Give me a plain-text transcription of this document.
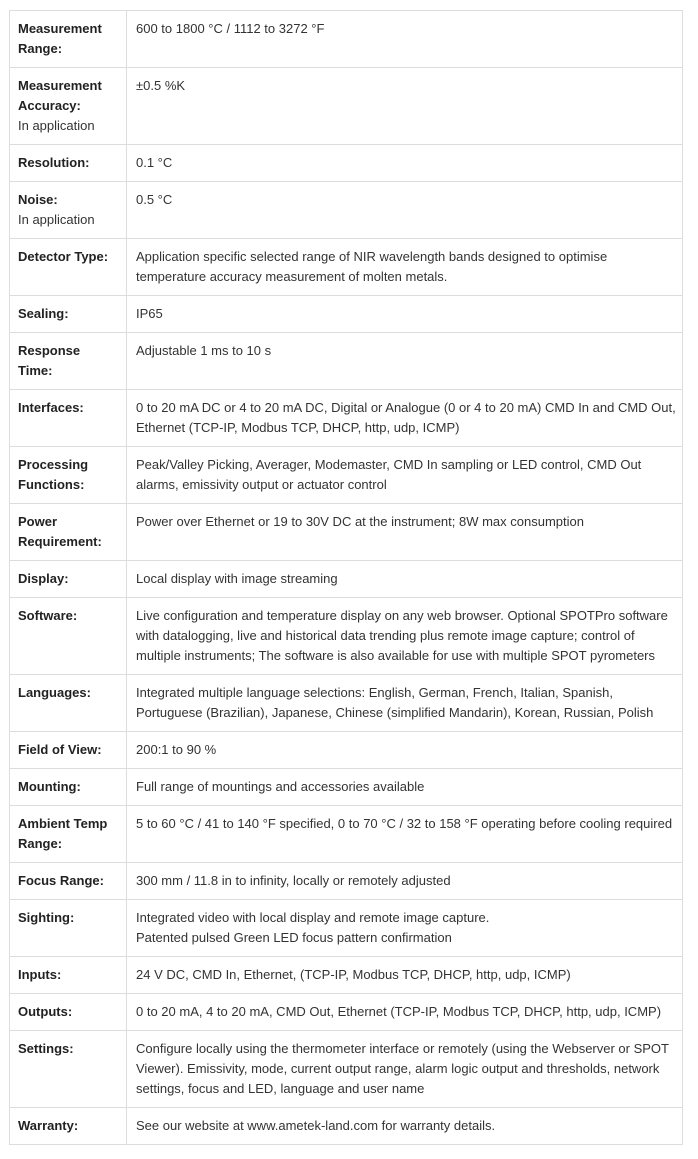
Measurement Range:	600 to 1800 °C / 1112 to 3272 °F

Measurement Accuracy:
In application	±0.5 %K

Resolution:	0.1 °C

Noise:
In application	0.5 °C

Detector Type:	Application specific selected range of NIR wavelength bands designed to optimise temperature accuracy measurement of molten metals.

Sealing:	IP65

Response Time:	Adjustable 1 ms to 10 s

Interfaces:	0 to 20 mA DC or 4 to 20 mA DC, Digital or Analogue (0 or 4 to 20 mA) CMD In and CMD Out, Ethernet (TCP-IP, Modbus TCP, DHCP, http, udp, ICMP)

Processing Functions:	Peak/Valley Picking, Averager, Modemaster, CMD In sampling or LED control, CMD Out alarms, emissivity output or actuator control

Power Requirement:	Power over Ethernet or 19 to 30V DC at the instrument; 8W max consumption

Display:	Local display with image streaming

Software:	Live configuration and temperature display on any web browser. Optional SPOTPro software with datalogging, live and historical data trending plus remote image capture; control of multiple instruments; The software is also available for use with multiple SPOT pyrometers

Languages:	Integrated multiple language selections: English, German, French, Italian, Spanish, Portuguese (Brazilian), Japanese, Chinese (simplified Mandarin), Korean, Russian, Polish

Field of View:	200:1 to 90 %

Mounting:	Full range of mountings and accessories available

Ambient Temp Range:	5 to 60 °C / 41 to 140 °F specified, 0 to 70 °C / 32 to 158 °F operating before cooling required

Focus Range:	300 mm / 11.8 in to infinity, locally or remotely adjusted

Sighting:	Integrated video with local display and remote image capture.
Patented pulsed Green LED focus pattern confirmation

Inputs:	24 V DC, CMD In, Ethernet, (TCP-IP, Modbus TCP, DHCP, http, udp, ICMP)

Outputs:	0 to 20 mA, 4 to 20 mA, CMD Out, Ethernet (TCP-IP, Modbus TCP, DHCP, http, udp, ICMP)

Settings:	Configure locally using the thermometer interface or remotely (using the Webserver or SPOT Viewer). Emissivity, mode, current output range, alarm logic output and thresholds, network settings, focus and LED, language and user name

Warranty:	See our website at www.ametek-land.com for warranty details.
